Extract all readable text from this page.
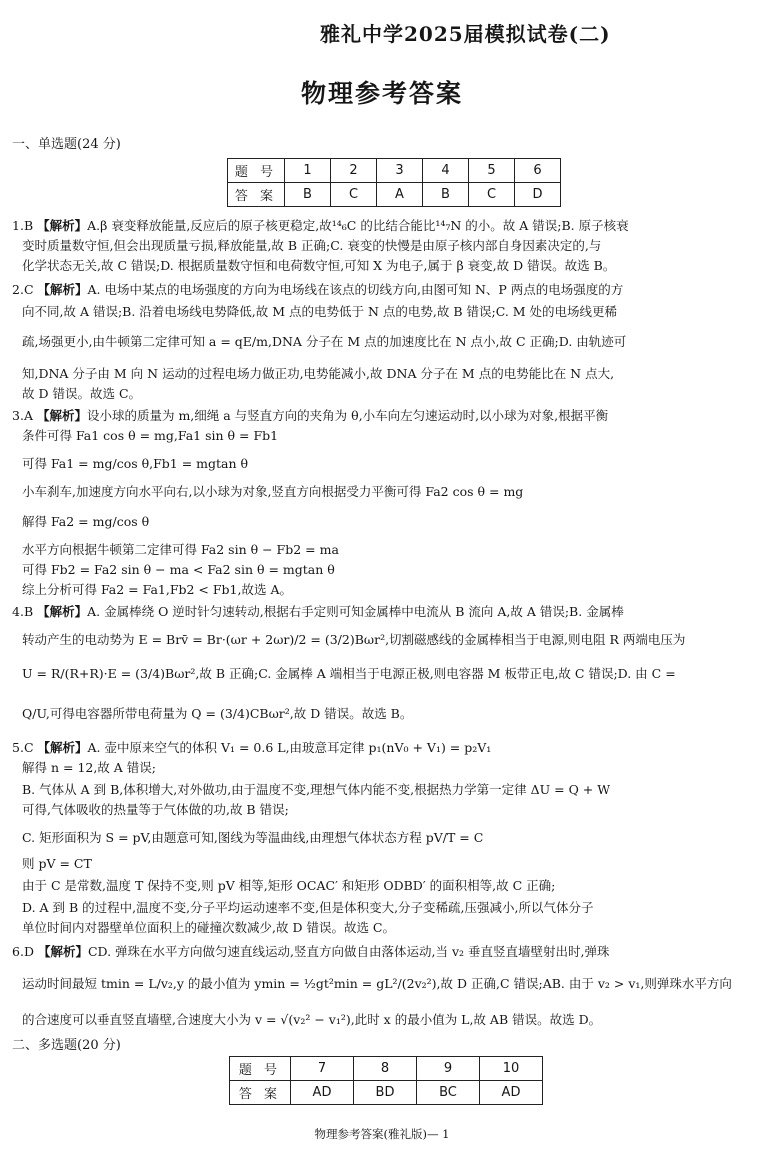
雅礼中学2025届模拟试卷(二)
物理参考答案
一、单选题(24 分)
题 号	1	2	3	4	5	6
答 案	B	C	A	B	C	D
1.B 【解析】A.β 衰变释放能量,反应后的原子核更稳定,故¹⁴₆C 的比结合能比¹⁴₇N 的小。故 A 错误;B. 原子核衰
变时质量数守恒,但会出现质量亏损,释放能量,故 B 正确;C. 衰变的快慢是由原子核内部自身因素决定的,与
化学状态无关,故 C 错误;D. 根据质量数守恒和电荷数守恒,可知 X 为电子,属于 β 衰变,故 D 错误。故选 B。
2.C 【解析】A. 电场中某点的电场强度的方向为电场线在该点的切线方向,由图可知 N、P 两点的电场强度的方
向不同,故 A 错误;B. 沿着电场线电势降低,故 M 点的电势低于 N 点的电势,故 B 错误;C. M 处的电场线更稀
疏,场强更小,由牛顿第二定律可知 a = qE/m,DNA 分子在 M 点的加速度比在 N 点小,故 C 正确;D. 由轨迹可
知,DNA 分子由 M 向 N 运动的过程电场力做正功,电势能减小,故 DNA 分子在 M 点的电势能比在 N 点大,
故 D 错误。故选 C。
3.A 【解析】设小球的质量为 m,细绳 a 与竖直方向的夹角为 θ,小车向左匀速运动时,以小球为对象,根据平衡
条件可得 Fa1 cos θ = mg,Fa1 sin θ = Fb1
可得 Fa1 = mg/cos θ,Fb1 = mgtan θ
小车刹车,加速度方向水平向右,以小球为对象,竖直方向根据受力平衡可得 Fa2 cos θ = mg
解得 Fa2 = mg/cos θ
水平方向根据牛顿第二定律可得 Fa2 sin θ − Fb2 = ma
可得 Fb2 = Fa2 sin θ − ma < Fa2 sin θ = mgtan θ
综上分析可得 Fa2 = Fa1,Fb2 < Fb1,故选 A。
4.B 【解析】A. 金属棒绕 O 逆时针匀速转动,根据右手定则可知金属棒中电流从 B 流向 A,故 A 错误;B. 金属棒
转动产生的电动势为 E = Brv̄ = Br·(ωr + 2ωr)/2 = (3/2)Bωr²,切割磁感线的金属棒相当于电源,则电阻 R 两端电压为
U = R/(R+R)·E = (3/4)Bωr²,故 B 正确;C. 金属棒 A 端相当于电源正极,则电容器 M 板带正电,故 C 错误;D. 由 C =
Q/U,可得电容器所带电荷量为 Q = (3/4)CBωr²,故 D 错误。故选 B。
5.C 【解析】A. 壶中原来空气的体积 V₁ = 0.6 L,由玻意耳定律 p₁(nV₀ + V₁) = p₂V₁
解得 n = 12,故 A 错误;
B. 气体从 A 到 B,体积增大,对外做功,由于温度不变,理想气体内能不变,根据热力学第一定律 ΔU = Q + W
可得,气体吸收的热量等于气体做的功,故 B 错误;
C. 矩形面积为 S = pV,由题意可知,图线为等温曲线,由理想气体状态方程 pV/T = C
则 pV = CT
由于 C 是常数,温度 T 保持不变,则 pV 相等,矩形 OCAC′ 和矩形 ODBD′ 的面积相等,故 C 正确;
D. A 到 B 的过程中,温度不变,分子平均运动速率不变,但是体积变大,分子变稀疏,压强减小,所以气体分子
单位时间内对器壁单位面积上的碰撞次数减少,故 D 错误。故选 C。
6.D 【解析】CD. 弹珠在水平方向做匀速直线运动,竖直方向做自由落体运动,当 v₂ 垂直竖直墙壁射出时,弹珠
运动时间最短 tmin = L/v₂,y 的最小值为 ymin = ½gt²min = gL²/(2v₂²),故 D 正确,C 错误;AB. 由于 v₂ > v₁,则弹珠水平方向
的合速度可以垂直竖直墙壁,合速度大小为 v = √(v₂² − v₁²),此时 x 的最小值为 L,故 AB 错误。故选 D。
二、多选题(20 分)
题 号	7	8	9	10
答 案	AD	BD	BC	AD
物理参考答案(雅礼版)— 1
